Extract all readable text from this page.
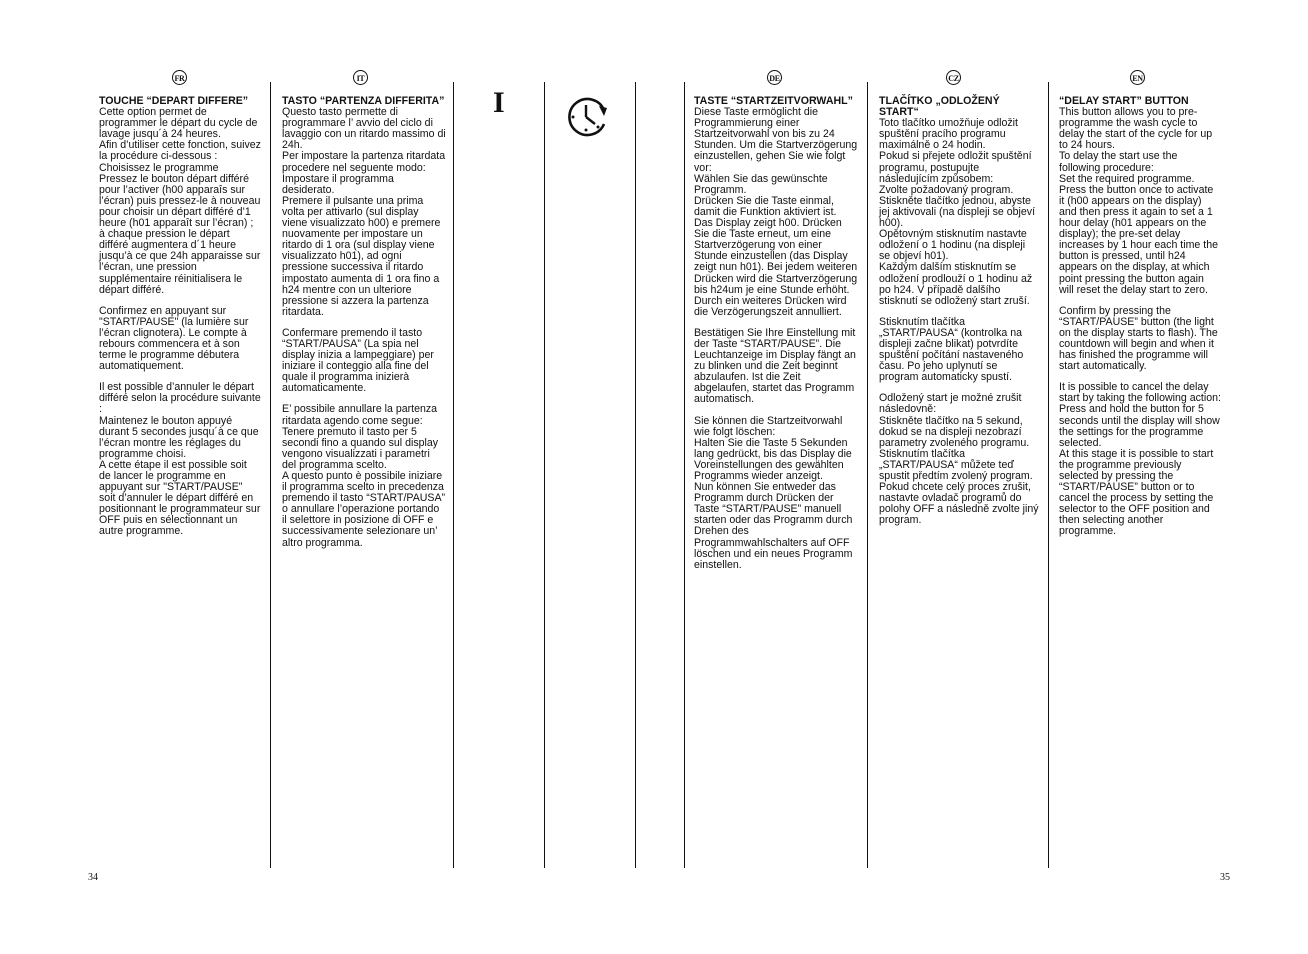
FR	IT	DE	CZ	EN
I

TOUCHE “DEPART DIFFERE”
Cette option permet de programmer le départ du cycle de lavage jusqu´à 24 heures.
Afin d’utiliser cette fonction, suivez la procédure ci-dessous :
Choisissez le programme
Pressez le bouton départ différé pour l’activer (h00 apparaîs sur l’écran) puis pressez-le à nouveau pour choisir un départ différé d’1 heure (h01 apparaît sur l’écran) ; à chaque pression le départ différé augmentera d´1 heure jusqu’à ce que 24h apparaisse sur l’écran, une pression supplémentaire réinitialisera le départ différé.

Confirmez en appuyant sur "START/PAUSE" (la lumière sur l’écran clignotera). Le compte à rebours commencera et à son terme le programme débutera automatiquement.

Il est possible d’annuler le départ différé selon la procédure suivante :
Maintenez le bouton appuyé durant 5 secondes jusqu´à ce que l’écran montre les réglages du programme choisi.
A cette étape il est possible soit de lancer le programme en appuyant sur "START/PAUSE" soit d’annuler le départ différé en positionnant le programmateur sur OFF puis en sélectionnant un autre programme.

TASTO “PARTENZA DIFFERITA”
Questo tasto permette di programmare l’ avvio del ciclo di lavaggio con un ritardo massimo di 24h.
Per impostare la partenza ritardata procedere nel seguente modo:
Impostare il programma desiderato.
Premere il pulsante una prima volta per attivarlo (sul display viene visualizzato h00) e premere nuovamente per impostare un ritardo di 1 ora (sul display viene visualizzato h01), ad ogni pressione successiva il ritardo impostato aumenta di 1 ora fino a h24 mentre con un ulteriore pressione si azzera la partenza ritardata.

Confermare premendo il tasto “START/PAUSA” (La spia nel display inizia a lampeggiare) per iniziare il conteggio alla fine del quale il programma inizierà automaticamente.

E’ possibile annullare la partenza ritardata agendo come segue:
Tenere premuto il tasto per 5 secondi fino a quando sul display vengono visualizzati i parametri del programma scelto.
A questo punto è possibile iniziare il programma scelto in precedenza premendo il tasto “START/PAUSA” o annullare l’operazione portando il selettore in posizione di OFF e successivamente selezionare un’ altro programma.

TASTE “STARTZEITVORWAHL”
Diese Taste ermöglicht die Programmierung einer Startzeitvorwahl von bis zu 24 Stunden. Um die Startverzögerung einzustellen, gehen Sie wie folgt vor:
Wählen Sie das gewünschte Programm.
Drücken Sie die Taste einmal, damit die Funktion aktiviert ist. Das Display zeigt h00. Drücken Sie die Taste erneut, um eine Startverzögerung von einer Stunde einzustellen (das Display zeigt nun h01). Bei jedem weiteren Drücken wird die Startverzögerung bis h24um je eine Stunde erhöht. Durch ein weiteres Drücken wird die Verzögerungszeit annulliert.

Bestätigen Sie Ihre Einstellung mit der Taste “START/PAUSE”. Die Leuchtanzeige im Display fängt an zu blinken und die Zeit beginnt abzulaufen. Ist die Zeit abgelaufen, startet das Programm automatisch.

Sie können die Startzeitvorwahl wie folgt löschen:
Halten Sie die Taste 5 Sekunden lang gedrückt, bis das Display die Voreinstellungen des gewählten Programms wieder anzeigt.
Nun können Sie entweder das Programm durch Drücken der Taste “START/PAUSE” manuell starten oder das Programm durch Drehen des Programmwahlschalters auf OFF löschen und ein neues Programm einstellen.

TLAČÍTKO „ODLOŽENÝ START“
Toto tlačítko umožňuje odložit spuštění pracího programu maximálně o 24 hodin.
Pokud si přejete odložit spuštění programu, postupujte následujícím způsobem:
Zvolte požadovaný program.
Stiskněte tlačítko jednou, abyste jej aktivovali (na displeji se objeví h00).
Opětovným stisknutím nastavte odložení o 1 hodinu (na displeji se objeví h01).
Každým dalším stisknutím se odložení prodlouží o 1 hodinu až po h24. V případě dalšího stisknutí se odložený start zruší.

Stisknutím tlačítka „START/PAUSA“ (kontrolka na displeji začne blikat) potvrdíte spuštění počítání nastaveného času. Po jeho uplynutí se program automaticky spustí.

Odložený start je možné zrušit následovně:
Stiskněte tlačítko na 5 sekund, dokud se na displeji nezobrazí parametry zvoleného programu.
Stisknutím tlačítka „START/PAUSA“ můžete teď spustit předtím zvolený program. Pokud chcete celý proces zrušit, nastavte ovladač programů do polohy OFF a následně zvolte jiný program.

“DELAY START” BUTTON
This button allows you to pre-programme the wash cycle to delay the start of the cycle for up to 24 hours.
To delay the start use the following procedure:
Set the required programme.
Press the button once to activate it (h00 appears on the display) and then press it again to set a 1 hour delay (h01 appears on the display); the pre-set delay increases by 1 hour each time the button is pressed, until h24 appears on the display, at which point pressing the button again will reset the delay start to zero.

Confirm by pressing the “START/PAUSE” button (the light on the display starts to flash). The countdown will begin and when it has finished the programme will start automatically.

It is possible to cancel the delay start by taking the following action:
Press and hold the button for 5 seconds until the display will show the settings for the programme selected.
At this stage it is possible to start the programme previously selected by pressing the “START/PAUSE” button or to cancel the process by setting the selector to the OFF position and then selecting another programme.

34	35
